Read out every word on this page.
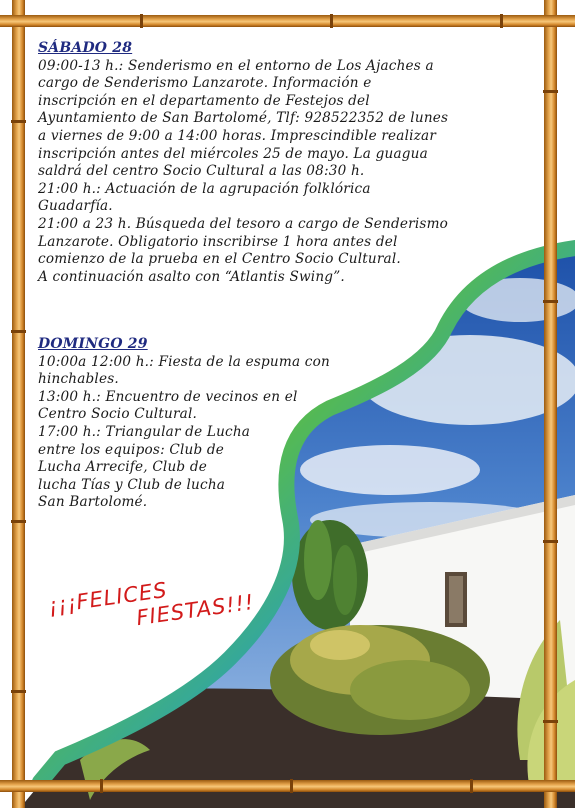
SÁBADO 28
09:00-13 h.: Senderismo en el entorno de Los Ajaches a
cargo de Senderismo Lanzarote. Información e
inscripción en el departamento de Festejos del
Ayuntamiento de San Bartolomé, Tlf: 928522352 de lunes
a viernes de 9:00 a 14:00 horas. Imprescindible realizar
inscripción antes del miércoles 25 de mayo. La guagua
saldrá del centro Socio Cultural a las 08:30 h.
21:00 h.: Actuación de la agrupación folklórica
Guadarfía.
21:00 a 23 h. Búsqueda del tesoro a cargo de Senderismo
Lanzarote. Obligatorio inscribirse 1 hora antes del
comienzo de la prueba en el Centro Socio Cultural.
A continuación asalto con “Atlantis Swing”.
DOMINGO 29
10:00a 12:00 h.: Fiesta de la espuma con
hinchables.
13:00 h.: Encuentro de vecinos en el
Centro Socio Cultural.
17:00 h.: Triangular de Lucha
entre los equipos: Club de
Lucha Arrecife, Club de
lucha Tías y Club de lucha
San Bartolomé.
¡¡¡FELICES
FIESTAS!!!
